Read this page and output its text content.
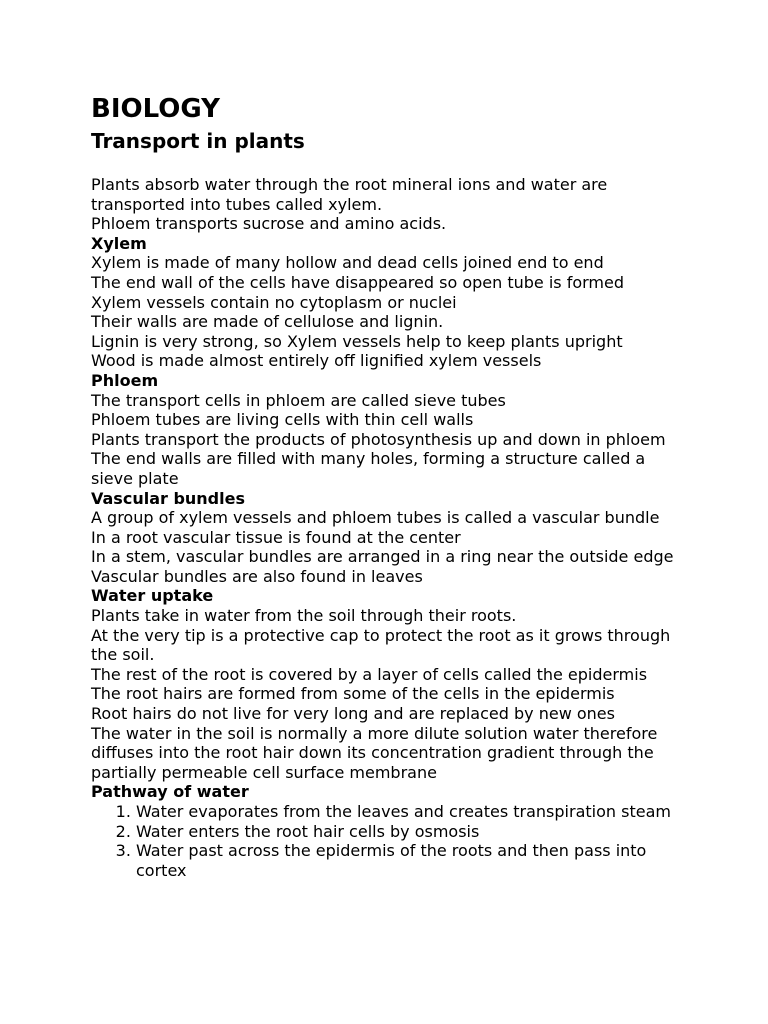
BIOLOGY
Transport in plants

Plants absorb water through the root mineral ions and water are transported into tubes called xylem.

Phloem transports sucrose and amino acids.

Xylem

Xylem is made of many hollow and dead cells joined end to end

The end wall of the cells have disappeared so open tube is formed

Xylem vessels contain no cytoplasm or nuclei

Their walls are made of cellulose and lignin.

Lignin is very strong, so Xylem vessels help to keep plants upright

Wood is made almost entirely off lignified xylem vessels

Phloem

The transport cells in phloem are called sieve tubes

Phloem tubes are living cells with thin cell walls

Plants transport the products of photosynthesis up and down in phloem

The end walls are filled with many holes, forming a structure called a sieve plate

Vascular bundles

A group of xylem vessels and phloem tubes is called a vascular bundle

In a root vascular tissue is found at the center

In a stem, vascular bundles are arranged in a ring near the outside edge

Vascular bundles are also found in leaves

Water uptake

Plants take in water from the soil through their roots.

At the very tip is a protective cap to protect the root as it grows through the soil.

The rest of the root is covered by a layer of cells called the epidermis

The root hairs are formed from some of the cells in the epidermis

Root hairs do not live for very long and are replaced by new ones

The water in the soil is normally a more dilute solution water therefore diffuses into the root hair down its concentration gradient through the partially permeable cell surface membrane

Pathway of water

1. Water evaporates from the leaves and creates transpiration steam
2. Water enters the root hair cells by osmosis
3. Water past across the epidermis of the roots and then pass into cortex
